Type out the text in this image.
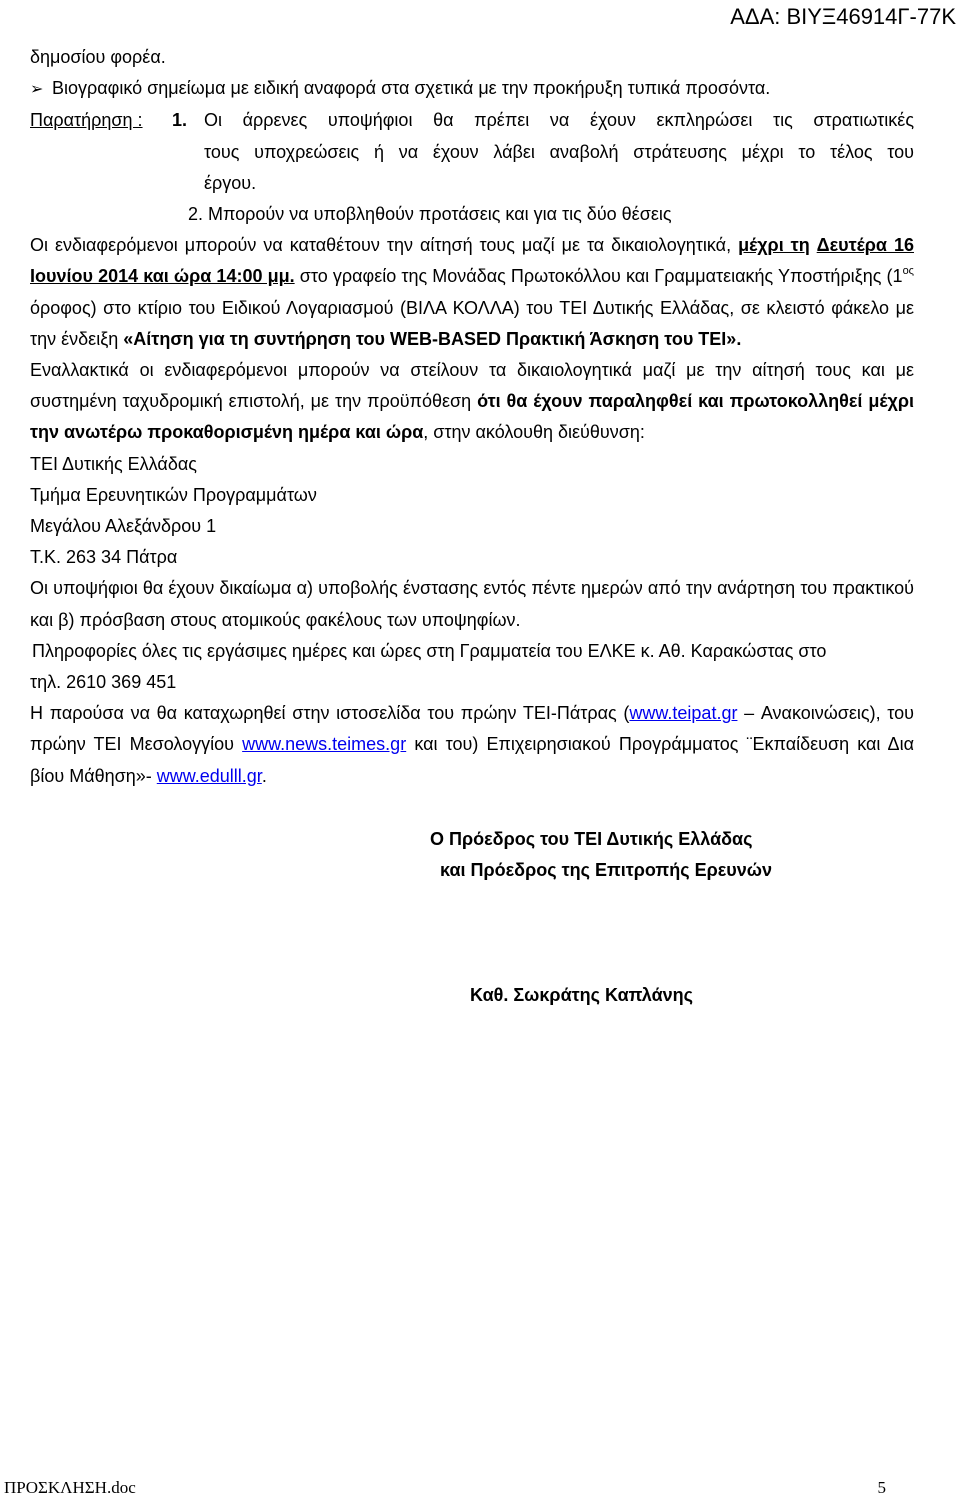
ΑΔΑ: ΒΙΥΞ46914Γ-77Κ
δημοσίου φορέα.
➢ Βιογραφικό σημείωμα με ειδική αναφορά στα σχετικά με την προκήρυξη τυπικά προσόντα.
Παρατήρηση :	1. Οι άρρενες υποψήφιοι θα πρέπει να έχουν εκπληρώσει τις στρατιωτικές
τους υποχρεώσεις ή να έχουν λάβει αναβολή στράτευσης μέχρι το τέλος του
έργου.
2. Μπορούν να υποβληθούν προτάσεις και για τις δύο θέσεις
Οι ενδιαφερόμενοι μπορούν να καταθέτουν την αίτησή τους μαζί με τα δικαιολογητικά, μέχρι τη Δευτέρα 16 Ιουνίου 2014 και ώρα 14:00 μμ. στο γραφείο της Μονάδας Πρωτοκόλλου και Γραμματειακής Υποστήριξης ($1^{o\varsigma}$ όροφος) στο κτίριο του Ειδικού Λογαριασμού (ΒΙΛΑ ΚΟΛΛΑ) του ΤΕΙ Δυτικής Ελλάδας, σε κλειστό φάκελο με την ένδειξη «Αίτηση για τη συντήρηση του WEB-BASED Πρακτική Άσκηση του ΤΕΙ».
Εναλλακτικά οι ενδιαφερόμενοι μπορούν να στείλουν τα δικαιολογητικά μαζί με την αίτησή τους και με συστημένη ταχυδρομική επιστολή, με την προϋπόθεση ότι θα έχουν παραληφθεί και πρωτοκολληθεί μέχρι την ανωτέρω προκαθορισμένη ημέρα και ώρα, στην ακόλουθη διεύθυνση:
ΤΕΙ Δυτικής Ελλάδας
Τμήμα Ερευνητικών Προγραμμάτων
Μεγάλου Αλεξάνδρου 1
Τ.Κ. 263 34 Πάτρα
Οι υποψήφιοι θα έχουν δικαίωμα α) υποβολής ένστασης εντός πέντε ημερών από την ανάρτηση του πρακτικού και β) πρόσβαση στους ατομικούς φακέλους των υποψηφίων.
Πληροφορίες όλες τις εργάσιμες ημέρες και ώρες στη Γραμματεία του ΕΛΚΕ κ. Αθ. Καρακώστας στο
τηλ. 2610 369 451
Η παρούσα να θα καταχωρηθεί στην ιστοσελίδα του πρώην ΤΕΙ-Πάτρας (www.teipat.gr – Ανακοινώσεις), του πρώην ΤΕΙ Μεσολογγίου www.news.teimes.gr και του) Επιχειρησιακού Προγράμματος ¨Εκπαίδευση και Δια βίου Μάθηση»- www.edulll.gr.
Ο Πρόεδρος του ΤΕΙ Δυτικής Ελλάδας
και Πρόεδρος της Επιτροπής Ερευνών
Καθ. Σωκράτης Καπλάνης
ΠΡΟΣΚΛΗΣΗ.doc	5
